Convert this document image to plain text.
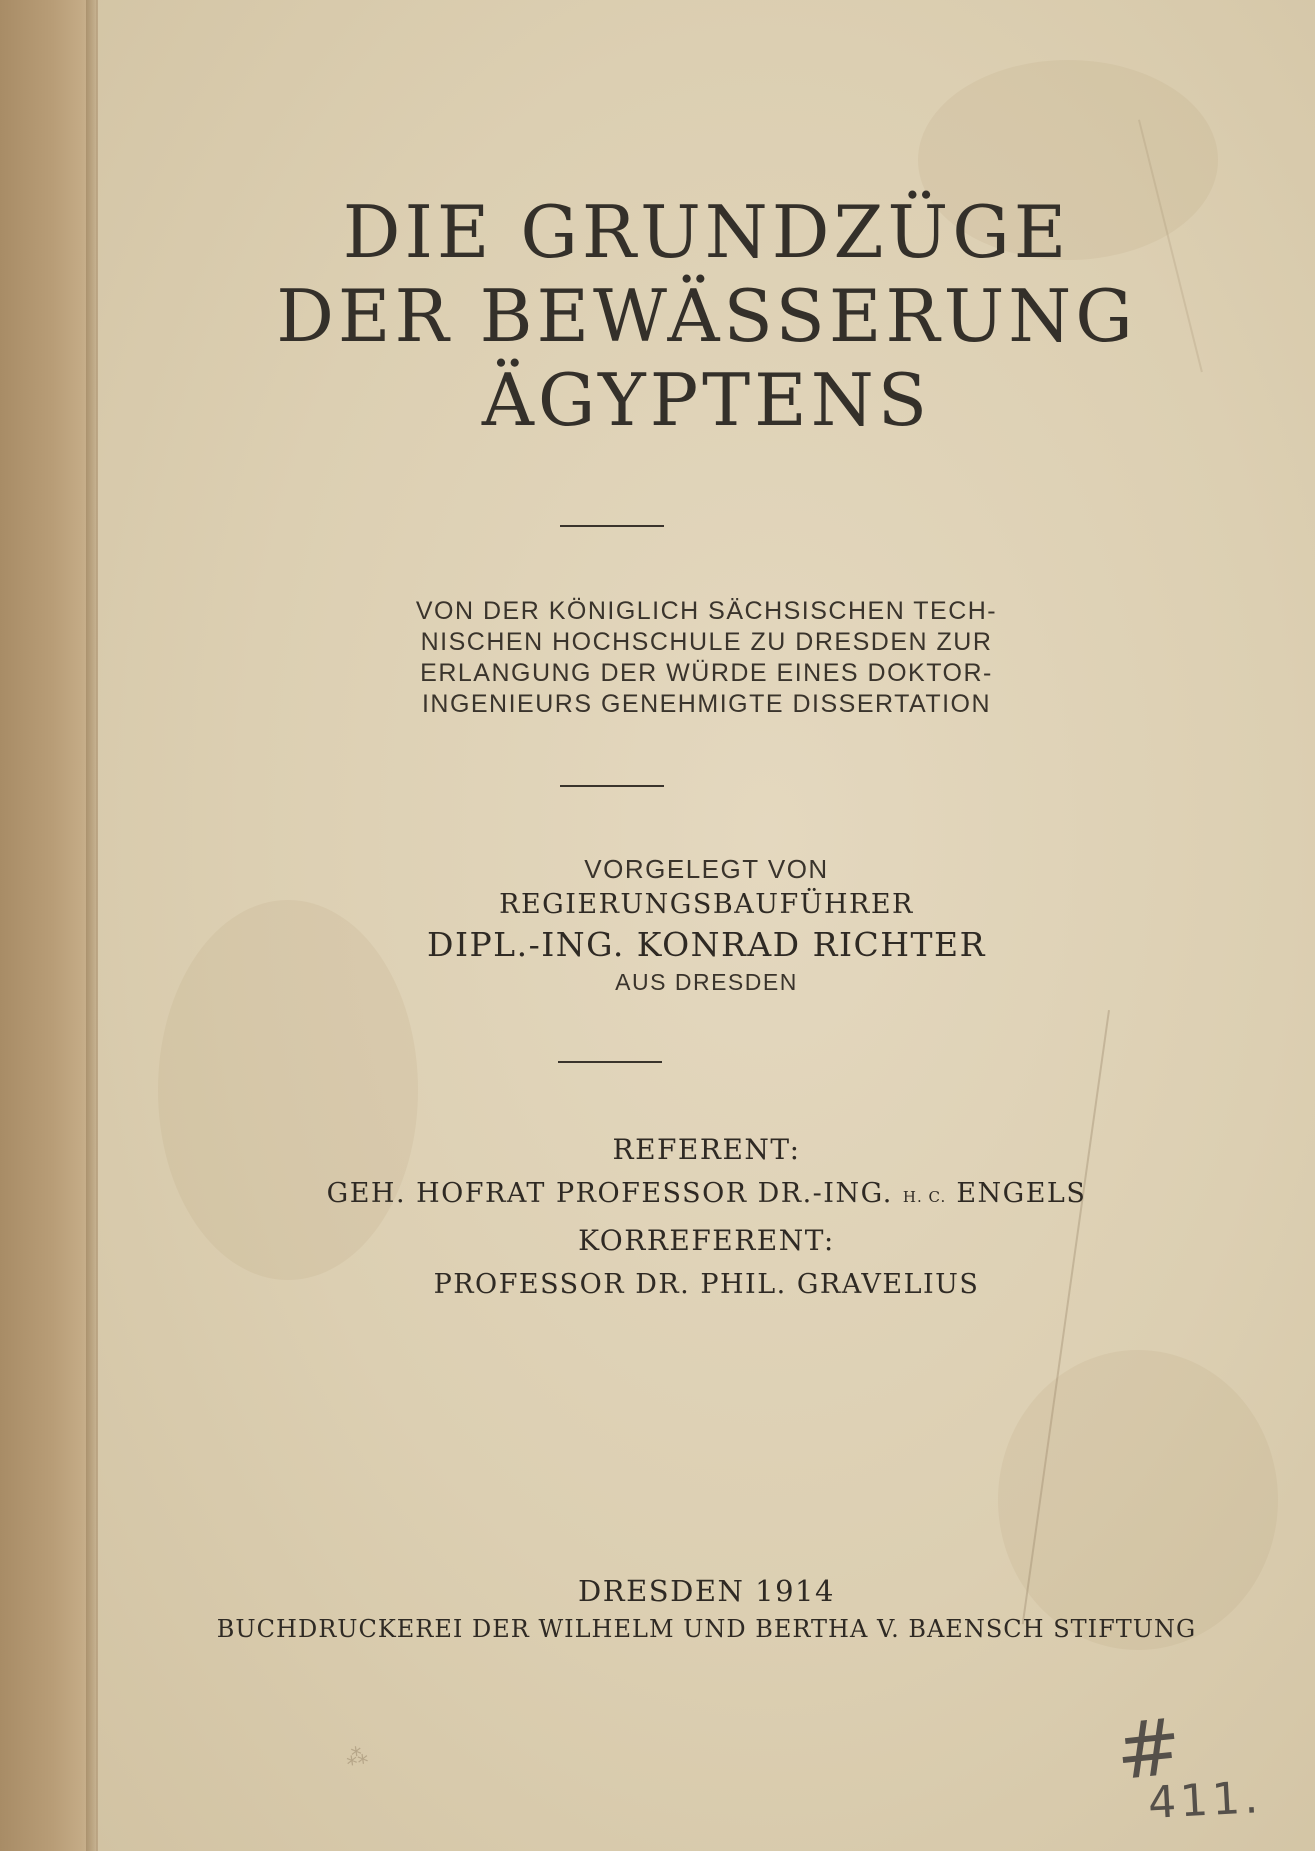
DIE GRUNDZÜGE
DER BEWÄSSERUNG
ÄGYPTENS
VON DER KÖNIGLICH SÄCHSISCHEN TECH-
NISCHEN HOCHSCHULE ZU DRESDEN ZUR
ERLANGUNG DER WÜRDE EINES DOKTOR-
INGENIEURS GENEHMIGTE DISSERTATION
VORGELEGT VON
REGIERUNGSBAUFÜHRER
DIPL.-ING. KONRAD RICHTER
AUS DRESDEN
REFERENT:
GEH. HOFRAT PROFESSOR DR.-ING. H. C. ENGELS
KORREFERENT:
PROFESSOR DR. PHIL. GRAVELIUS
DRESDEN 1914
BUCHDRUCKEREI DER WILHELM UND BERTHA V. BAENSCH STIFTUNG
⁂	#
411.
